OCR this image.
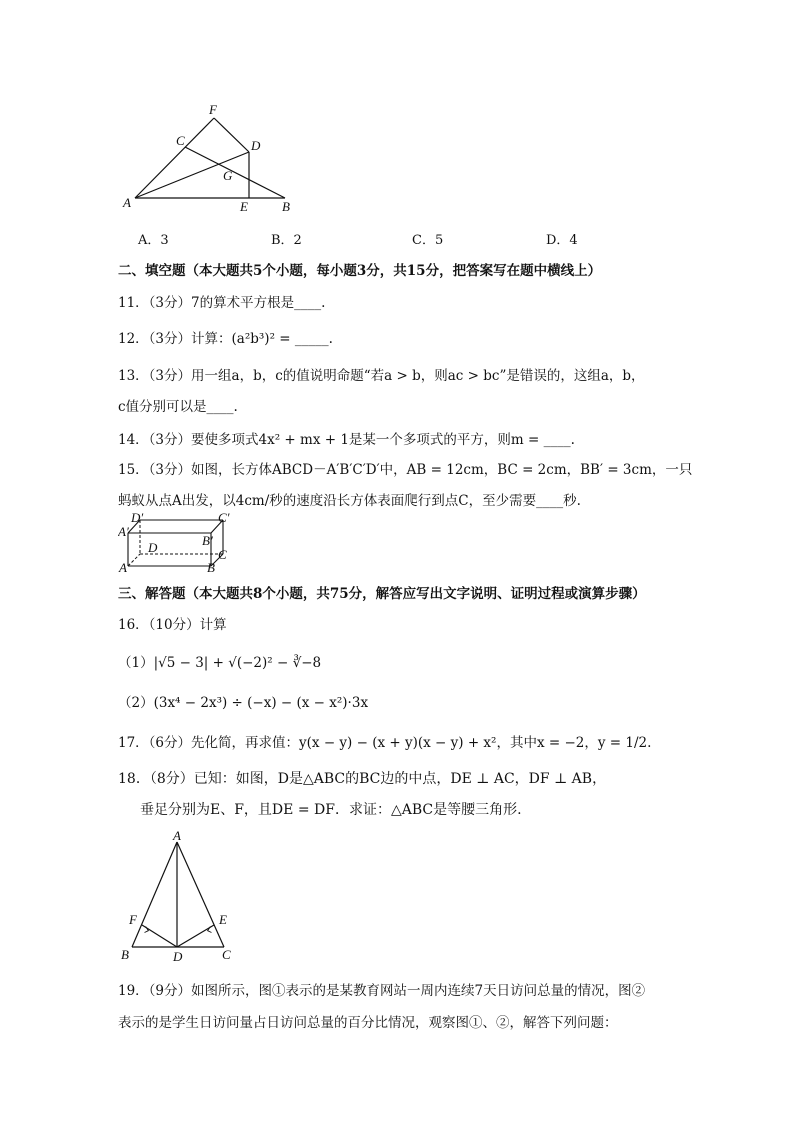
F
C	D
G
A	E	B
A．3	B．2	C．5	D．4
二、填空题（本大题共5个小题，每小题3分，共15分，把答案写在题中横线上）
11．（3分）7的算术平方根是____.
12．（3分）计算：(a²b³)² = _____.
13．（3分）用一组a，b，c的值说明命题“若a > b，则ac > bc”是错误的，这组a，b，
c值分别可以是____.
14．（3分）要使多项式4x² + mx + 1是某一个多项式的平方，则m = ____.
15．（3分）如图，长方体ABCD－A′B′C′D′中，AB = 12cm，BC = 2cm，BB′ = 3cm，一只
蚂蚁从点A出发，以4cm/秒的速度沿长方体表面爬行到点C，至少需要____秒.
D′	C′
A′
B′
D	C
A	B
三、解答题（本大题共8个小题，共75分，解答应写出文字说明、证明过程或演算步骤）
16．（10分）计算
（1）|√5 − 3| + √(−2)² − ∛−8
（2）(3x⁴ − 2x³) ÷ (−x) − (x − x²)·3x
17．（6分）先化简，再求值：y(x − y) − (x + y)(x − y) + x²，其中x = −2，y = 1/2.
18．（8分）已知：如图，D是△ABC的BC边的中点，DE ⊥ AC，DF ⊥ AB，
垂足分别为E、F，且DE = DF．求证：△ABC是等腰三角形.
A
F	E
B	D	C
19．（9分）如图所示，图①表示的是某教育网站一周内连续7天日访问总量的情况，图②
表示的是学生日访问量占日访问总量的百分比情况，观察图①、②，解答下列问题：
